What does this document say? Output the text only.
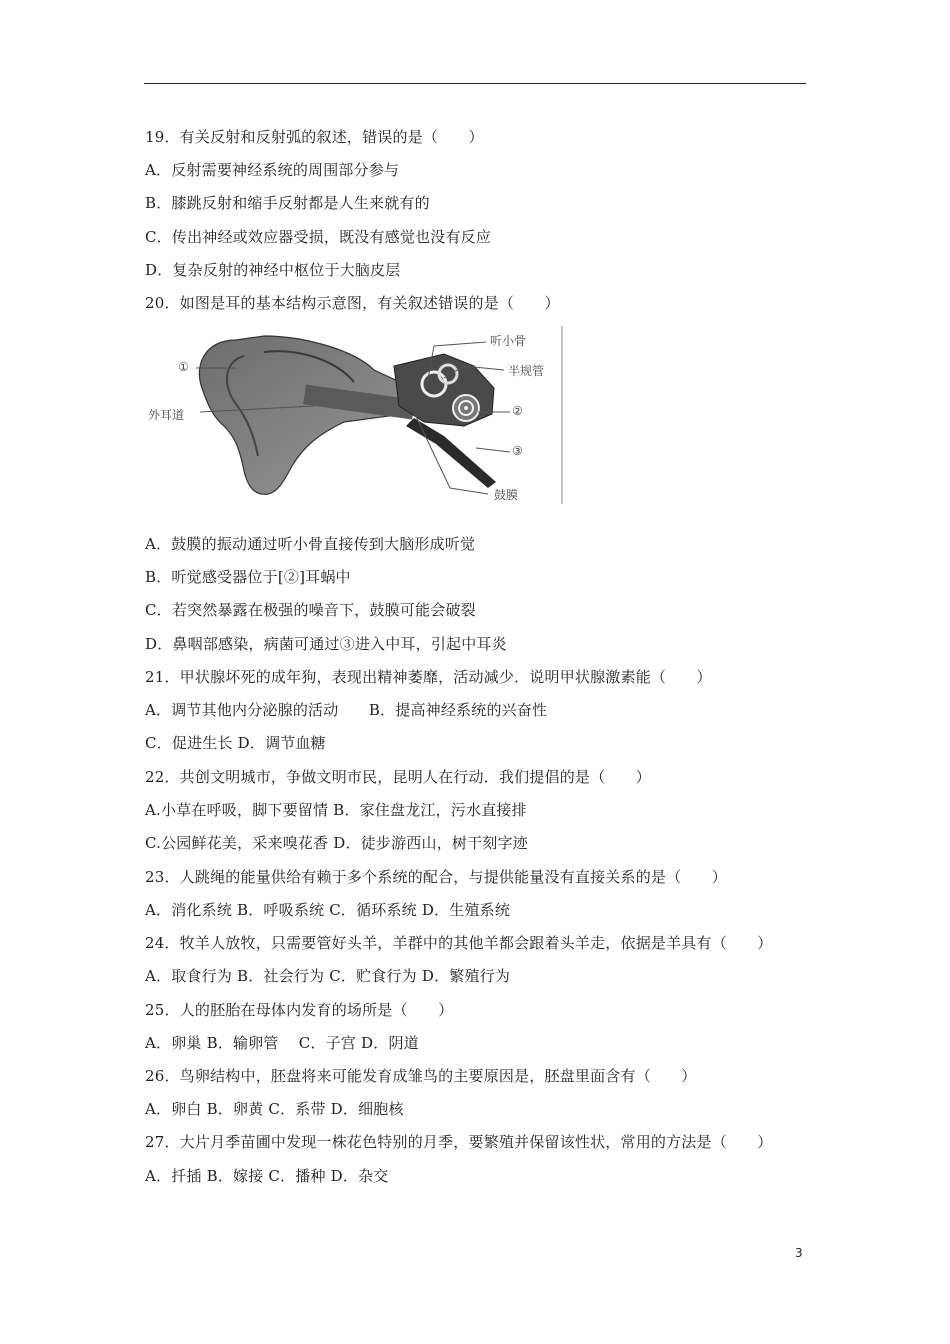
19．有关反射和反射弧的叙述，错误的是（　　）
A．反射需要神经系统的周围部分参与
B．膝跳反射和缩手反射都是人生来就有的
C．传出神经或效应器受损，既没有感觉也没有反应
D．复杂反射的神经中枢位于大脑皮层
20．如图是耳的基本结构示意图，有关叙述错误的是（　　）
①
外耳道
听小骨
半规管
②
③
鼓膜
A．鼓膜的振动通过听小骨直接传到大脑形成听觉
B．听觉感受器位于[②]耳蜗中
C．若突然暴露在极强的噪音下，鼓膜可能会破裂
D．鼻咽部感染，病菌可通过③进入中耳，引起中耳炎
21．甲状腺坏死的成年狗，表现出精神萎靡，活动减少．说明甲状腺激素能（　　）
A．调节其他内分泌腺的活动　　B．提高神经系统的兴奋性
C．促进生长 D．调节血糖
22．共创文明城市，争做文明市民，昆明人在行动．我们提倡的是（　　）
A.小草在呼吸，脚下要留情 B．家住盘龙江，污水直接排
C.公园鲜花美，采来嗅花香 D．徒步游西山，树干刻字迹
23．人跳绳的能量供给有赖于多个系统的配合，与提供能量没有直接关系的是（　　）
A．消化系统 B．呼吸系统 C．循环系统 D．生殖系统
24．牧羊人放牧，只需要管好头羊，羊群中的其他羊都会跟着头羊走，依据是羊具有（　　）
A．取食行为 B．社会行为 C．贮食行为 D．繁殖行为
25．人的胚胎在母体内发育的场所是（　　）
A．卵巢 B．输卵管　 C．子宫 D．阴道
26．鸟卵结构中，胚盘将来可能发育成雏鸟的主要原因是，胚盘里面含有（　　）
A．卵白 B．卵黄 C．系带 D．细胞核
27．大片月季苗圃中发现一株花色特别的月季，要繁殖并保留该性状，常用的方法是（　　）
A．扦插 B．嫁接 C．播种 D．杂交
3
